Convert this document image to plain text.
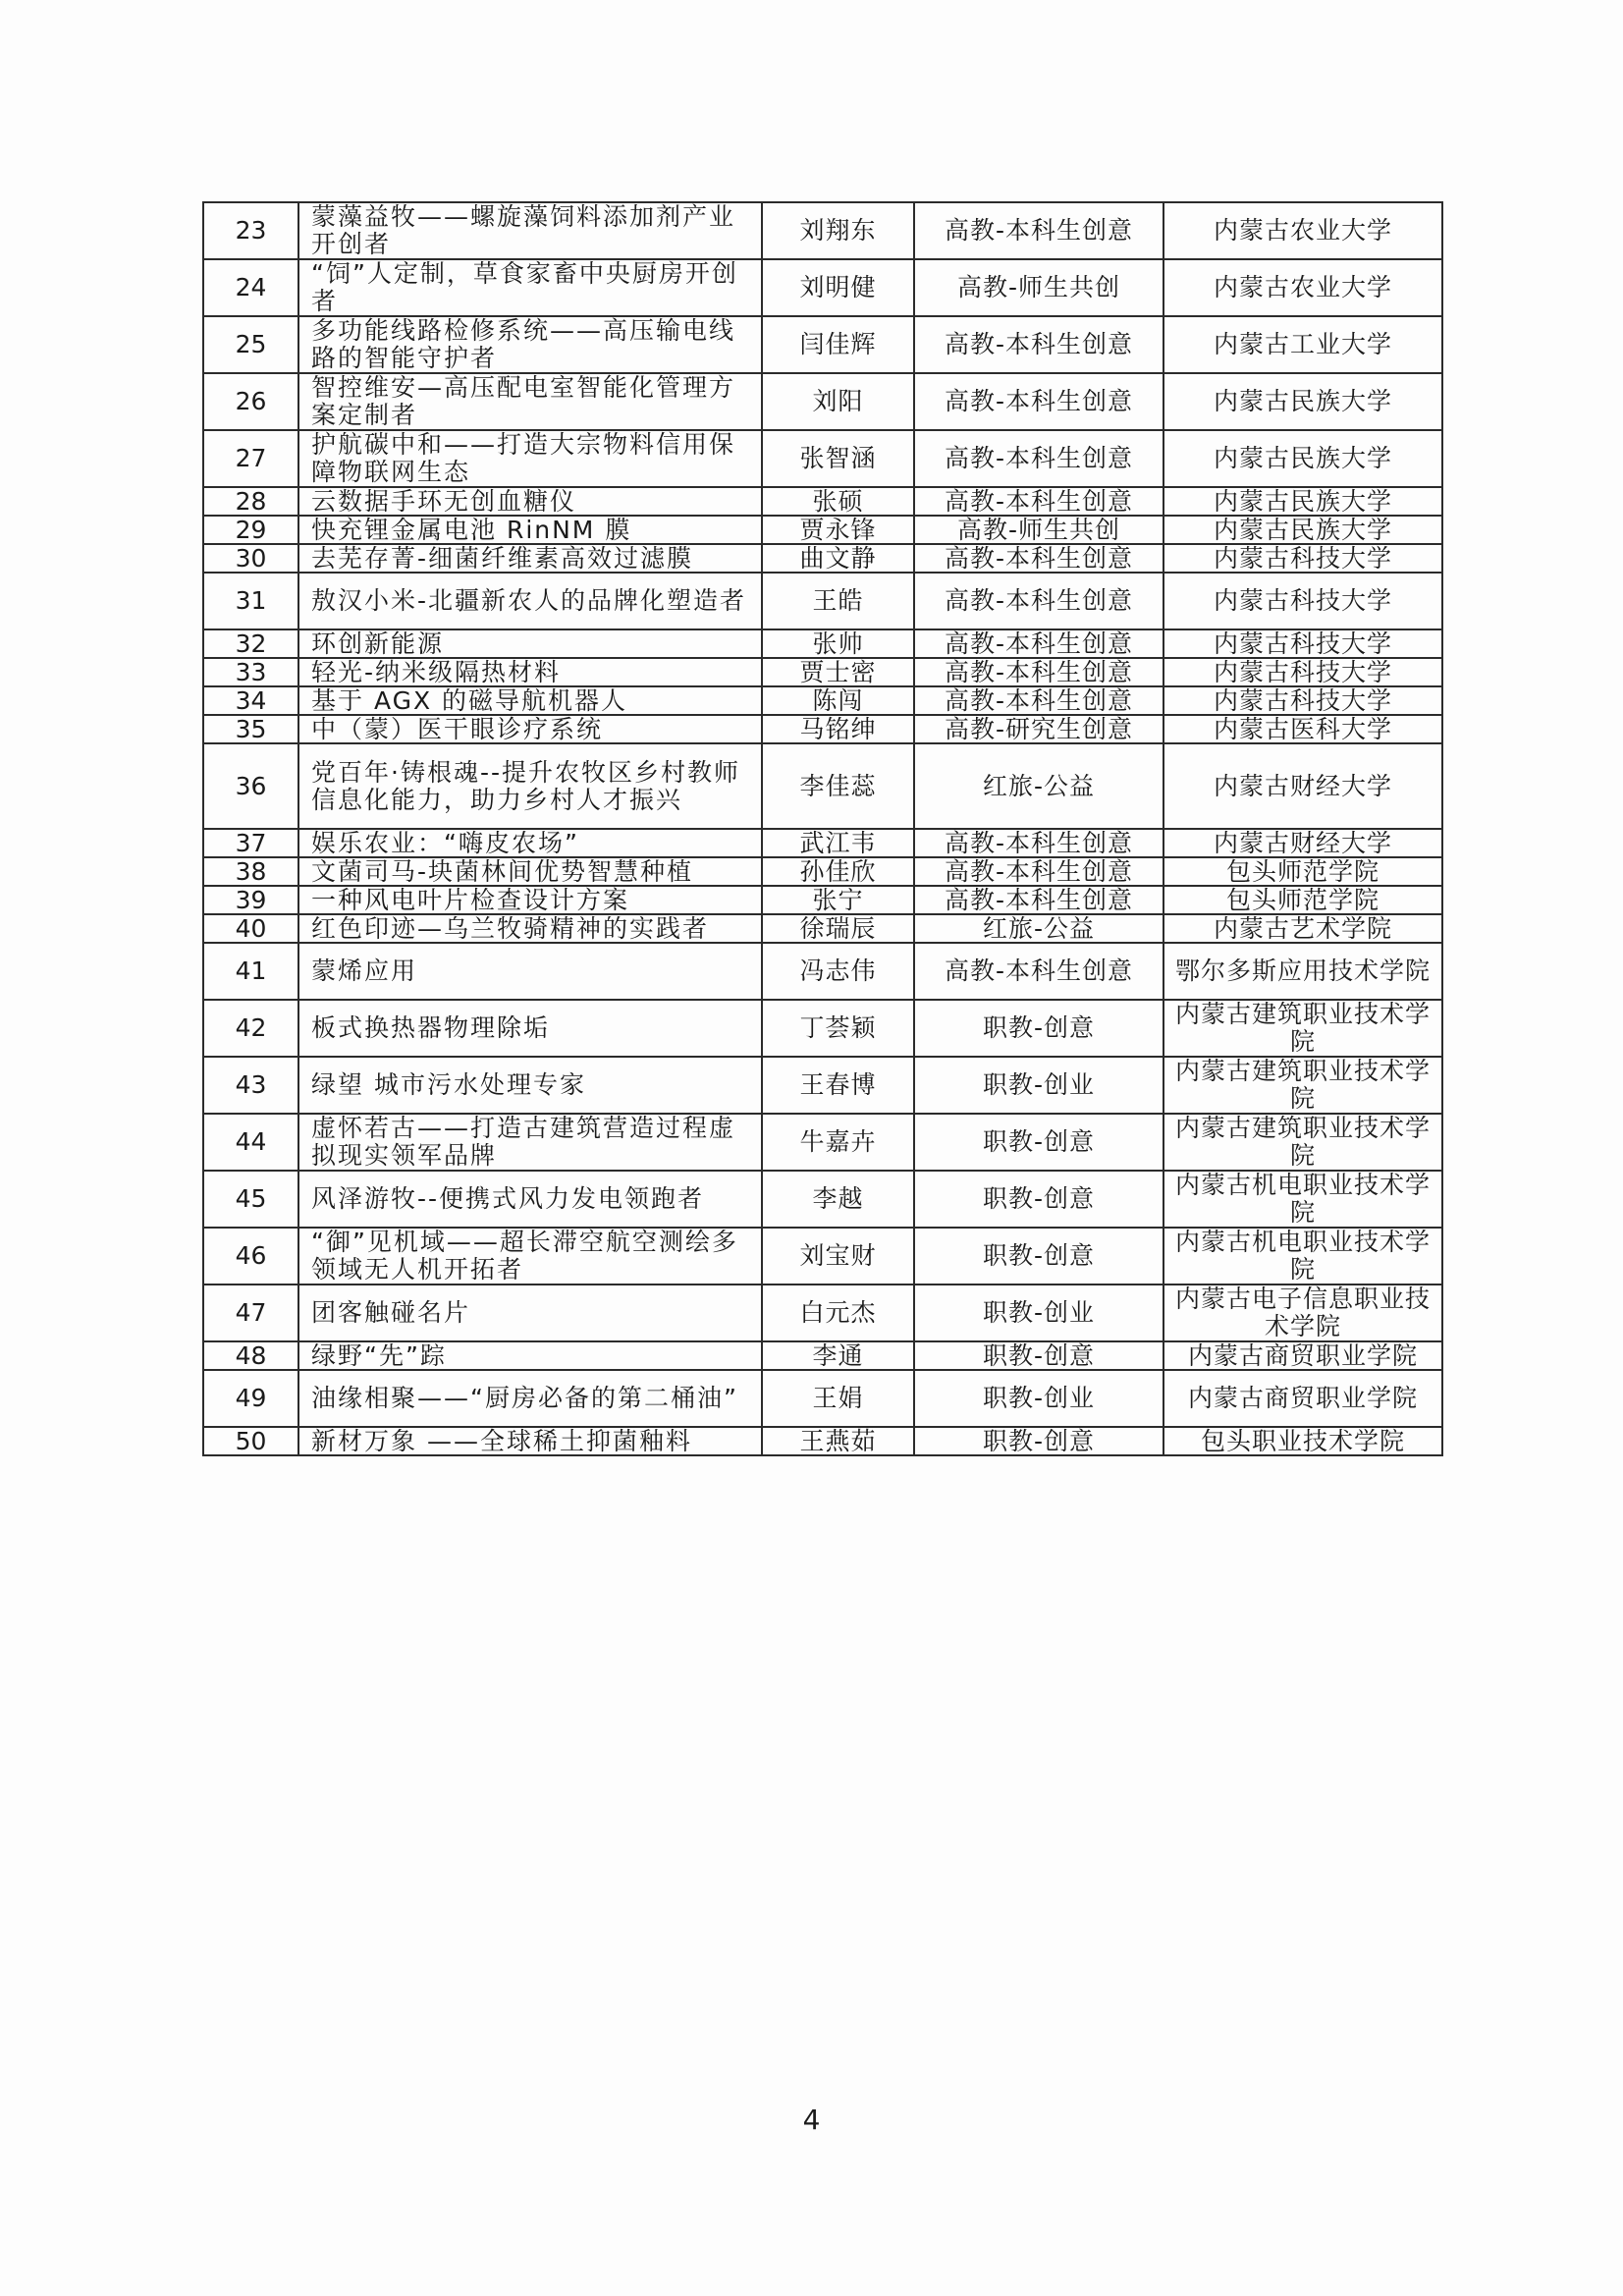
23	蒙藻益牧——螺旋藻饲料添加剂产业开创者	刘翔东	高教-本科生创意	内蒙古农业大学
24	“饲”人定制，草食家畜中央厨房开创者	刘明健	高教-师生共创	内蒙古农业大学
25	多功能线路检修系统——高压输电线路的智能守护者	闫佳辉	高教-本科生创意	内蒙古工业大学
26	智控维安—高压配电室智能化管理方案定制者	刘阳	高教-本科生创意	内蒙古民族大学
27	护航碳中和——打造大宗物料信用保障物联网生态	张智涵	高教-本科生创意	内蒙古民族大学
28	云数据手环无创血糖仪	张硕	高教-本科生创意	内蒙古民族大学
29	快充锂金属电池 RinNM 膜	贾永锋	高教-师生共创	内蒙古民族大学
30	去芜存菁-细菌纤维素高效过滤膜	曲文静	高教-本科生创意	内蒙古科技大学
31	敖汉小米-北疆新农人的品牌化塑造者	王皓	高教-本科生创意	内蒙古科技大学
32	环创新能源	张帅	高教-本科生创意	内蒙古科技大学
33	轻光-纳米级隔热材料	贾士密	高教-本科生创意	内蒙古科技大学
34	基于 AGX 的磁导航机器人	陈闯	高教-本科生创意	内蒙古科技大学
35	中（蒙）医干眼诊疗系统	马铭绅	高教-研究生创意	内蒙古医科大学
36	党百年·铸根魂--提升农牧区乡村教师信息化能力，助力乡村人才振兴	李佳蕊	红旅-公益	内蒙古财经大学
37	娱乐农业：“嗨皮农场”	武江韦	高教-本科生创意	内蒙古财经大学
38	文菌司马-块菌林间优势智慧种植	孙佳欣	高教-本科生创意	包头师范学院
39	一种风电叶片检查设计方案	张宁	高教-本科生创意	包头师范学院
40	红色印迹—乌兰牧骑精神的实践者	徐瑞辰	红旅-公益	内蒙古艺术学院
41	蒙烯应用	冯志伟	高教-本科生创意	鄂尔多斯应用技术学院
42	板式换热器物理除垢	丁荟颖	职教-创意	内蒙古建筑职业技术学院
43	绿望 城市污水处理专家	王春博	职教-创业	内蒙古建筑职业技术学院
44	虚怀若古——打造古建筑营造过程虚拟现实领军品牌	牛嘉卉	职教-创意	内蒙古建筑职业技术学院
45	风泽游牧--便携式风力发电领跑者	李越	职教-创意	内蒙古机电职业技术学院
46	“御”见机域——超长滞空航空测绘多领域无人机开拓者	刘宝财	职教-创意	内蒙古机电职业技术学院
47	团客触碰名片	白元杰	职教-创业	内蒙古电子信息职业技术学院
48	绿野“先”踪	李通	职教-创意	内蒙古商贸职业学院
49	油缘相聚——“厨房必备的第二桶油”	王娟	职教-创业	内蒙古商贸职业学院
50	新材万象 ——全球稀土抑菌釉料	王燕茹	职教-创意	包头职业技术学院
4
